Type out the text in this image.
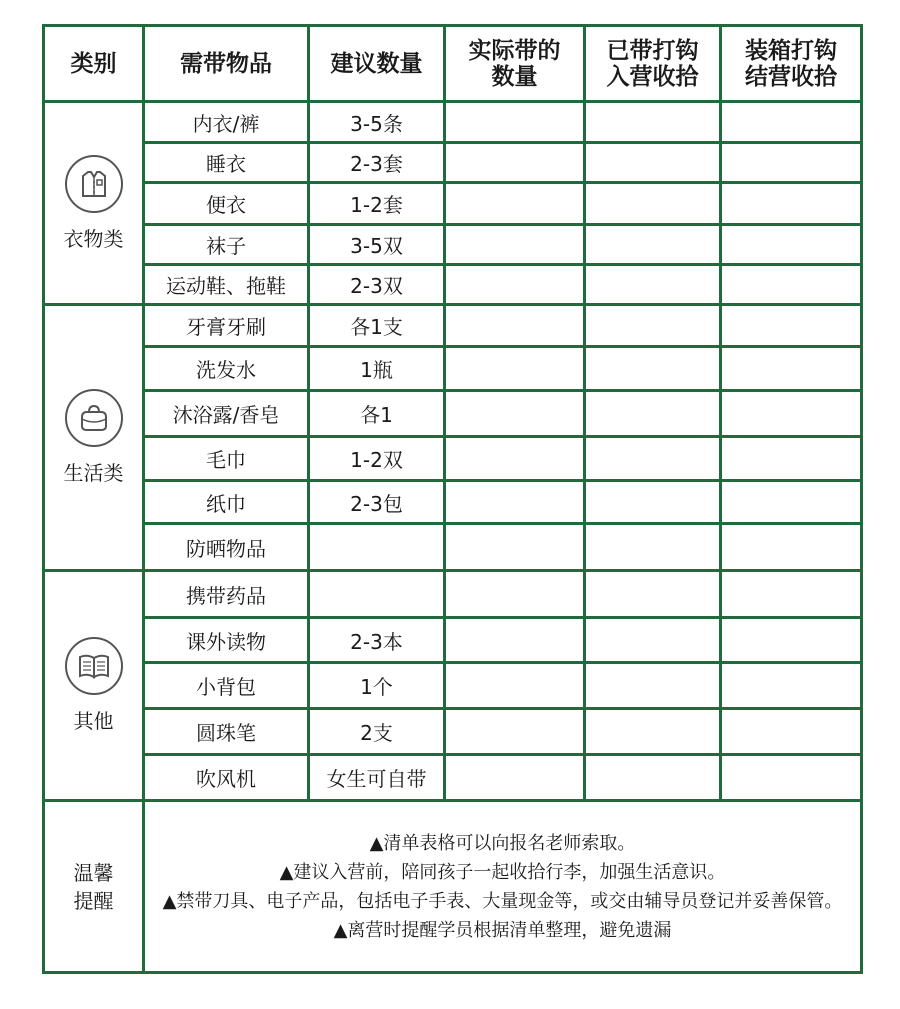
类别	需带物品	建议数量	实际带的数量	已带打钩入营收拾	装箱打钩结营收拾

衣物类	内衣/裤	3-5条			
	睡衣	2-3套			
	便衣	1-2套			
	袜子	3-5双			
	运动鞋、拖鞋	2-3双			

生活类	牙膏牙刷	各1支			
	洗发水	1瓶			
	沐浴露/香皂	各1			
	毛巾	1-2双			
	纸巾	2-3包			
	防晒物品				

其他	携带药品				
	课外读物	2-3本			
	小背包	1个			
	圆珠笔	2支			
	吹风机	女生可自带			

温馨提醒	▲清单表格可以向报名老师索取。
▲建议入营前，陪同孩子一起收拾行李，加强生活意识。
▲禁带刀具、电子产品，包括电子手表、大量现金等，或交由辅导员登记并妥善保管。
▲离营时提醒学员根据清单整理，避免遗漏				
